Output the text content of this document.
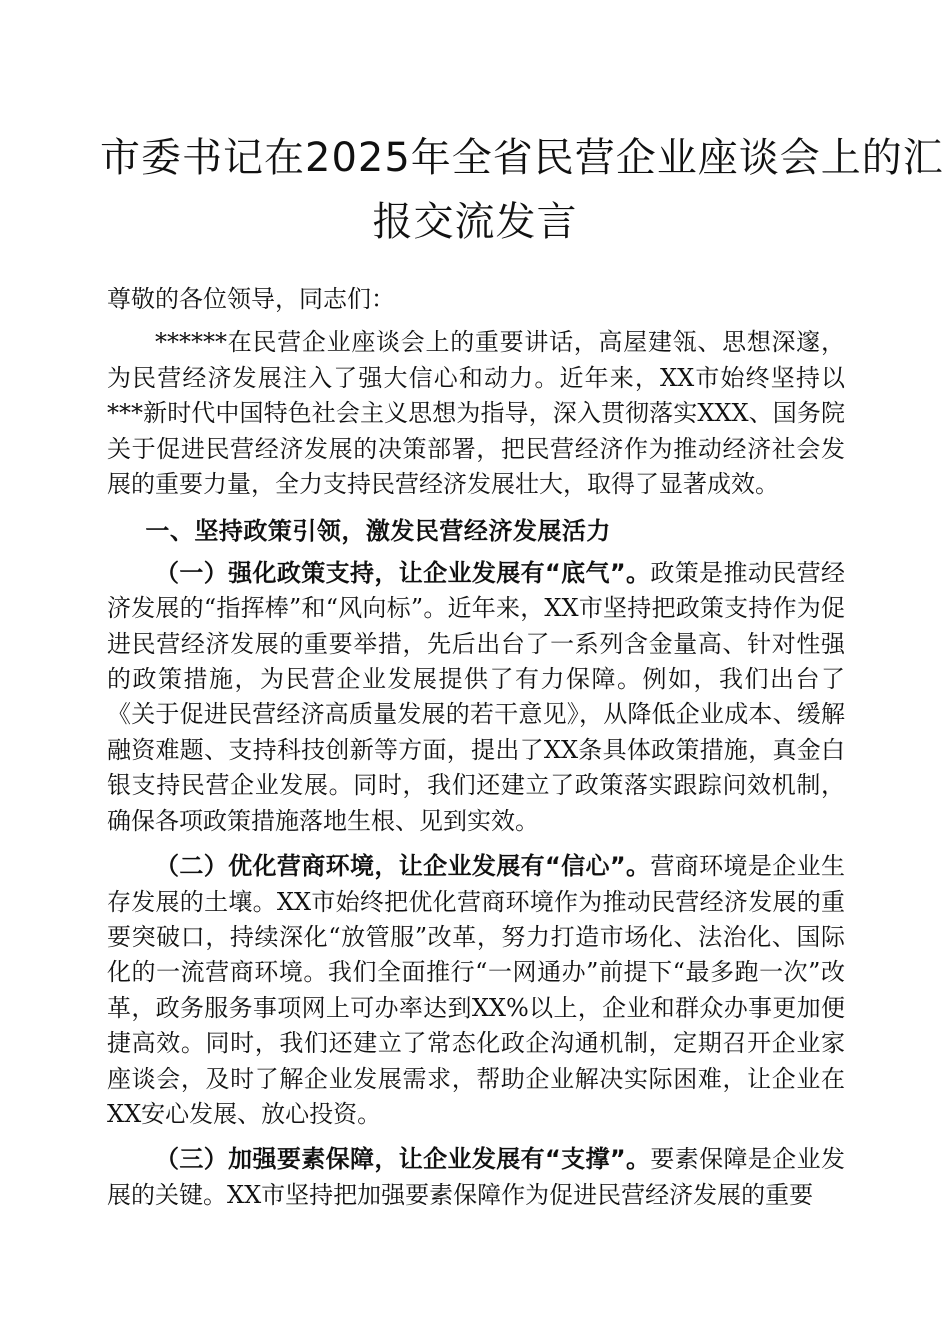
市委书记在2025年全省民营企业座谈会上的汇
报交流发言

尊敬的各位领导，同志们：

******在民营企业座谈会上的重要讲话，高屋建瓴、思想深邃，为民营经济发展注入了强大信心和动力。近年来，XX市始终坚持以***新时代中国特色社会主义思想为指导，深入贯彻落实XXX、国务院关于促进民营经济发展的决策部署，把民营经济作为推动经济社会发展的重要力量，全力支持民营经济发展壮大，取得了显著成效。

一、坚持政策引领，激发民营经济发展活力

（一）强化政策支持，让企业发展有“底气”。政策是推动民营经济发展的“指挥棒”和“风向标”。近年来，XX市坚持把政策支持作为促进民营经济发展的重要举措，先后出台了一系列含金量高、针对性强的政策措施，为民营企业发展提供了有力保障。例如，我们出台了《关于促进民营经济高质量发展的若干意见》，从降低企业成本、缓解融资难题、支持科技创新等方面，提出了XX条具体政策措施，真金白银支持民营企业发展。同时，我们还建立了政策落实跟踪问效机制，确保各项政策措施落地生根、见到实效。

（二）优化营商环境，让企业发展有“信心”。营商环境是企业生存发展的土壤。XX市始终把优化营商环境作为推动民营经济发展的重要突破口，持续深化“放管服”改革，努力打造市场化、法治化、国际化的一流营商环境。我们全面推行“一网通办”前提下“最多跑一次”改革，政务服务事项网上可办率达到XX%以上，企业和群众办事更加便捷高效。同时，我们还建立了常态化政企沟通机制，定期召开企业家座谈会，及时了解企业发展需求，帮助企业解决实际困难，让企业在XX安心发展、放心投资。

（三）加强要素保障，让企业发展有“支撑”。要素保障是企业发展的关键。XX市坚持把加强要素保障作为促进民营经济发展的重要
